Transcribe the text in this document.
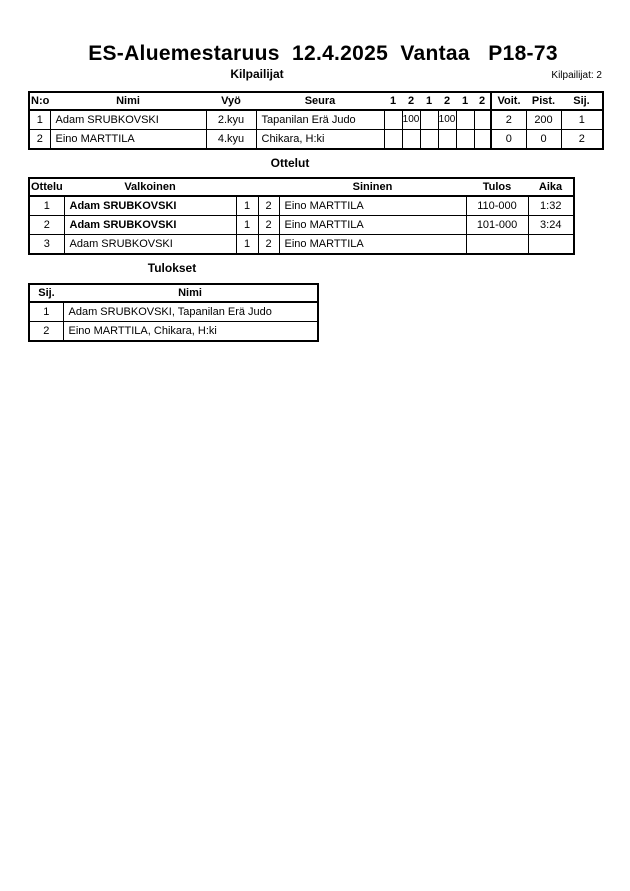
ES-Aluemestaruus  12.4.2025  Vantaa   P18-73
Kilpailijat	Kilpailijat: 2
N:o	Nimi	Vyö	Seura	1	2	1	2	1	2	Voit.	Pist.	Sij.
1	Adam SRUBKOVSKI	2.kyu	Tapanilan Erä Judo		100		100			2	200	1
2	Eino MARTTILA	4.kyu	Chikara, H:ki							0	0	2
Ottelut
Ottelu	Valkoinen			Sininen	Tulos	Aika
1	Adam SRUBKOVSKI	1	2	Eino MARTTILA	110-000	1:32
2	Adam SRUBKOVSKI	1	2	Eino MARTTILA	101-000	3:24
3	Adam SRUBKOVSKI	1	2	Eino MARTTILA		
Tulokset
Sij.	Nimi
1	Adam SRUBKOVSKI, Tapanilan Erä Judo
2	Eino MARTTILA, Chikara, H:ki
